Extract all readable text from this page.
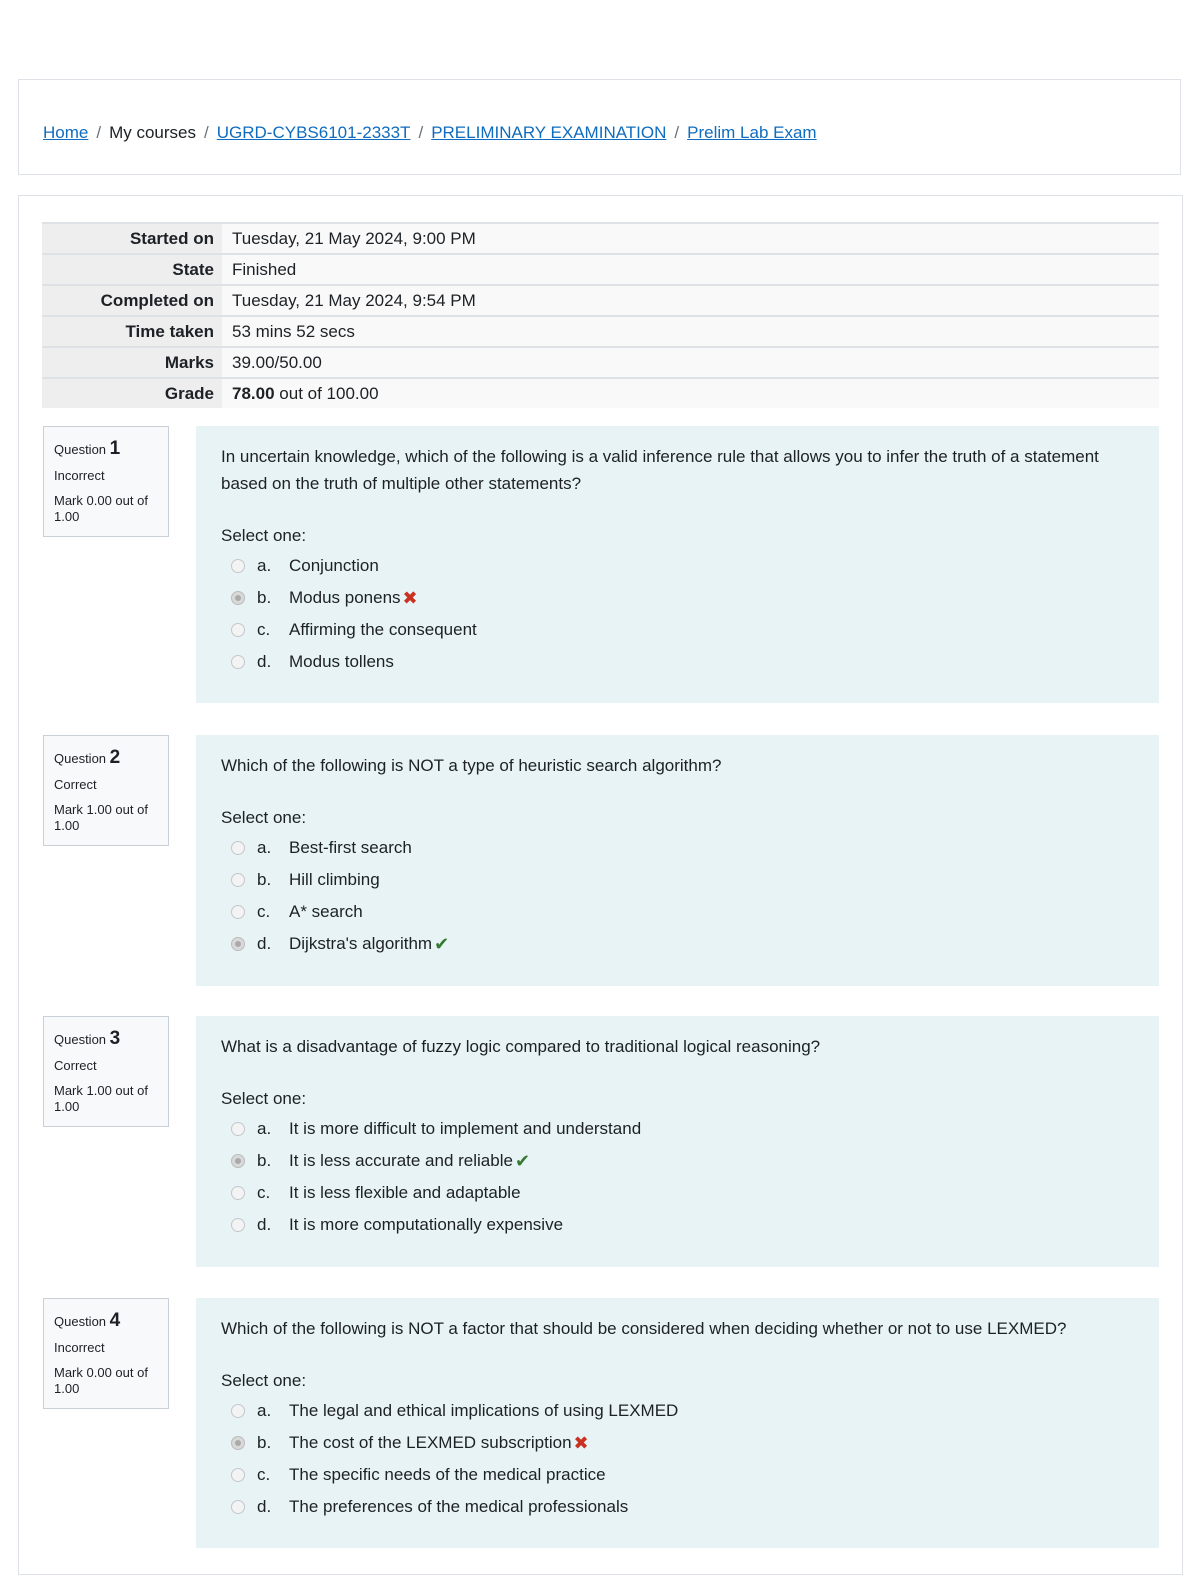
Home / My courses / UGRD-CYBS6101-2333T / PRELIMINARY EXAMINATION / Prelim Lab Exam
Started on	Tuesday, 21 May 2024, 9:00 PM
State	Finished
Completed on	Tuesday, 21 May 2024, 9:54 PM
Time taken	53 mins 52 secs
Marks	39.00/50.00
Grade	78.00 out of 100.00
Question 1
Incorrect
Mark 0.00 out of 1.00

In uncertain knowledge, which of the following is a valid inference rule that allows you to infer the truth of a statement based on the truth of multiple other statements?

Select one:
a.	Conjunction
b.	Modus ponens ✖
c.	Affirming the consequent
d.	Modus tollens
Question 2
Correct
Mark 1.00 out of 1.00

Which of the following is NOT a type of heuristic search algorithm?

Select one:
a.	Best-first search
b.	Hill climbing
c.	A* search
d.	Dijkstra's algorithm ✔
Question 3
Correct
Mark 1.00 out of 1.00

What is a disadvantage of fuzzy logic compared to traditional logical reasoning?

Select one:
a.	It is more difficult to implement and understand
b.	It is less accurate and reliable ✔
c.	It is less flexible and adaptable
d.	It is more computationally expensive
Question 4
Incorrect
Mark 0.00 out of 1.00

Which of the following is NOT a factor that should be considered when deciding whether or not to use LEXMED?

Select one:
a.	The legal and ethical implications of using LEXMED
b.	The cost of the LEXMED subscription ✖
c.	The specific needs of the medical practice
d.	The preferences of the medical professionals
